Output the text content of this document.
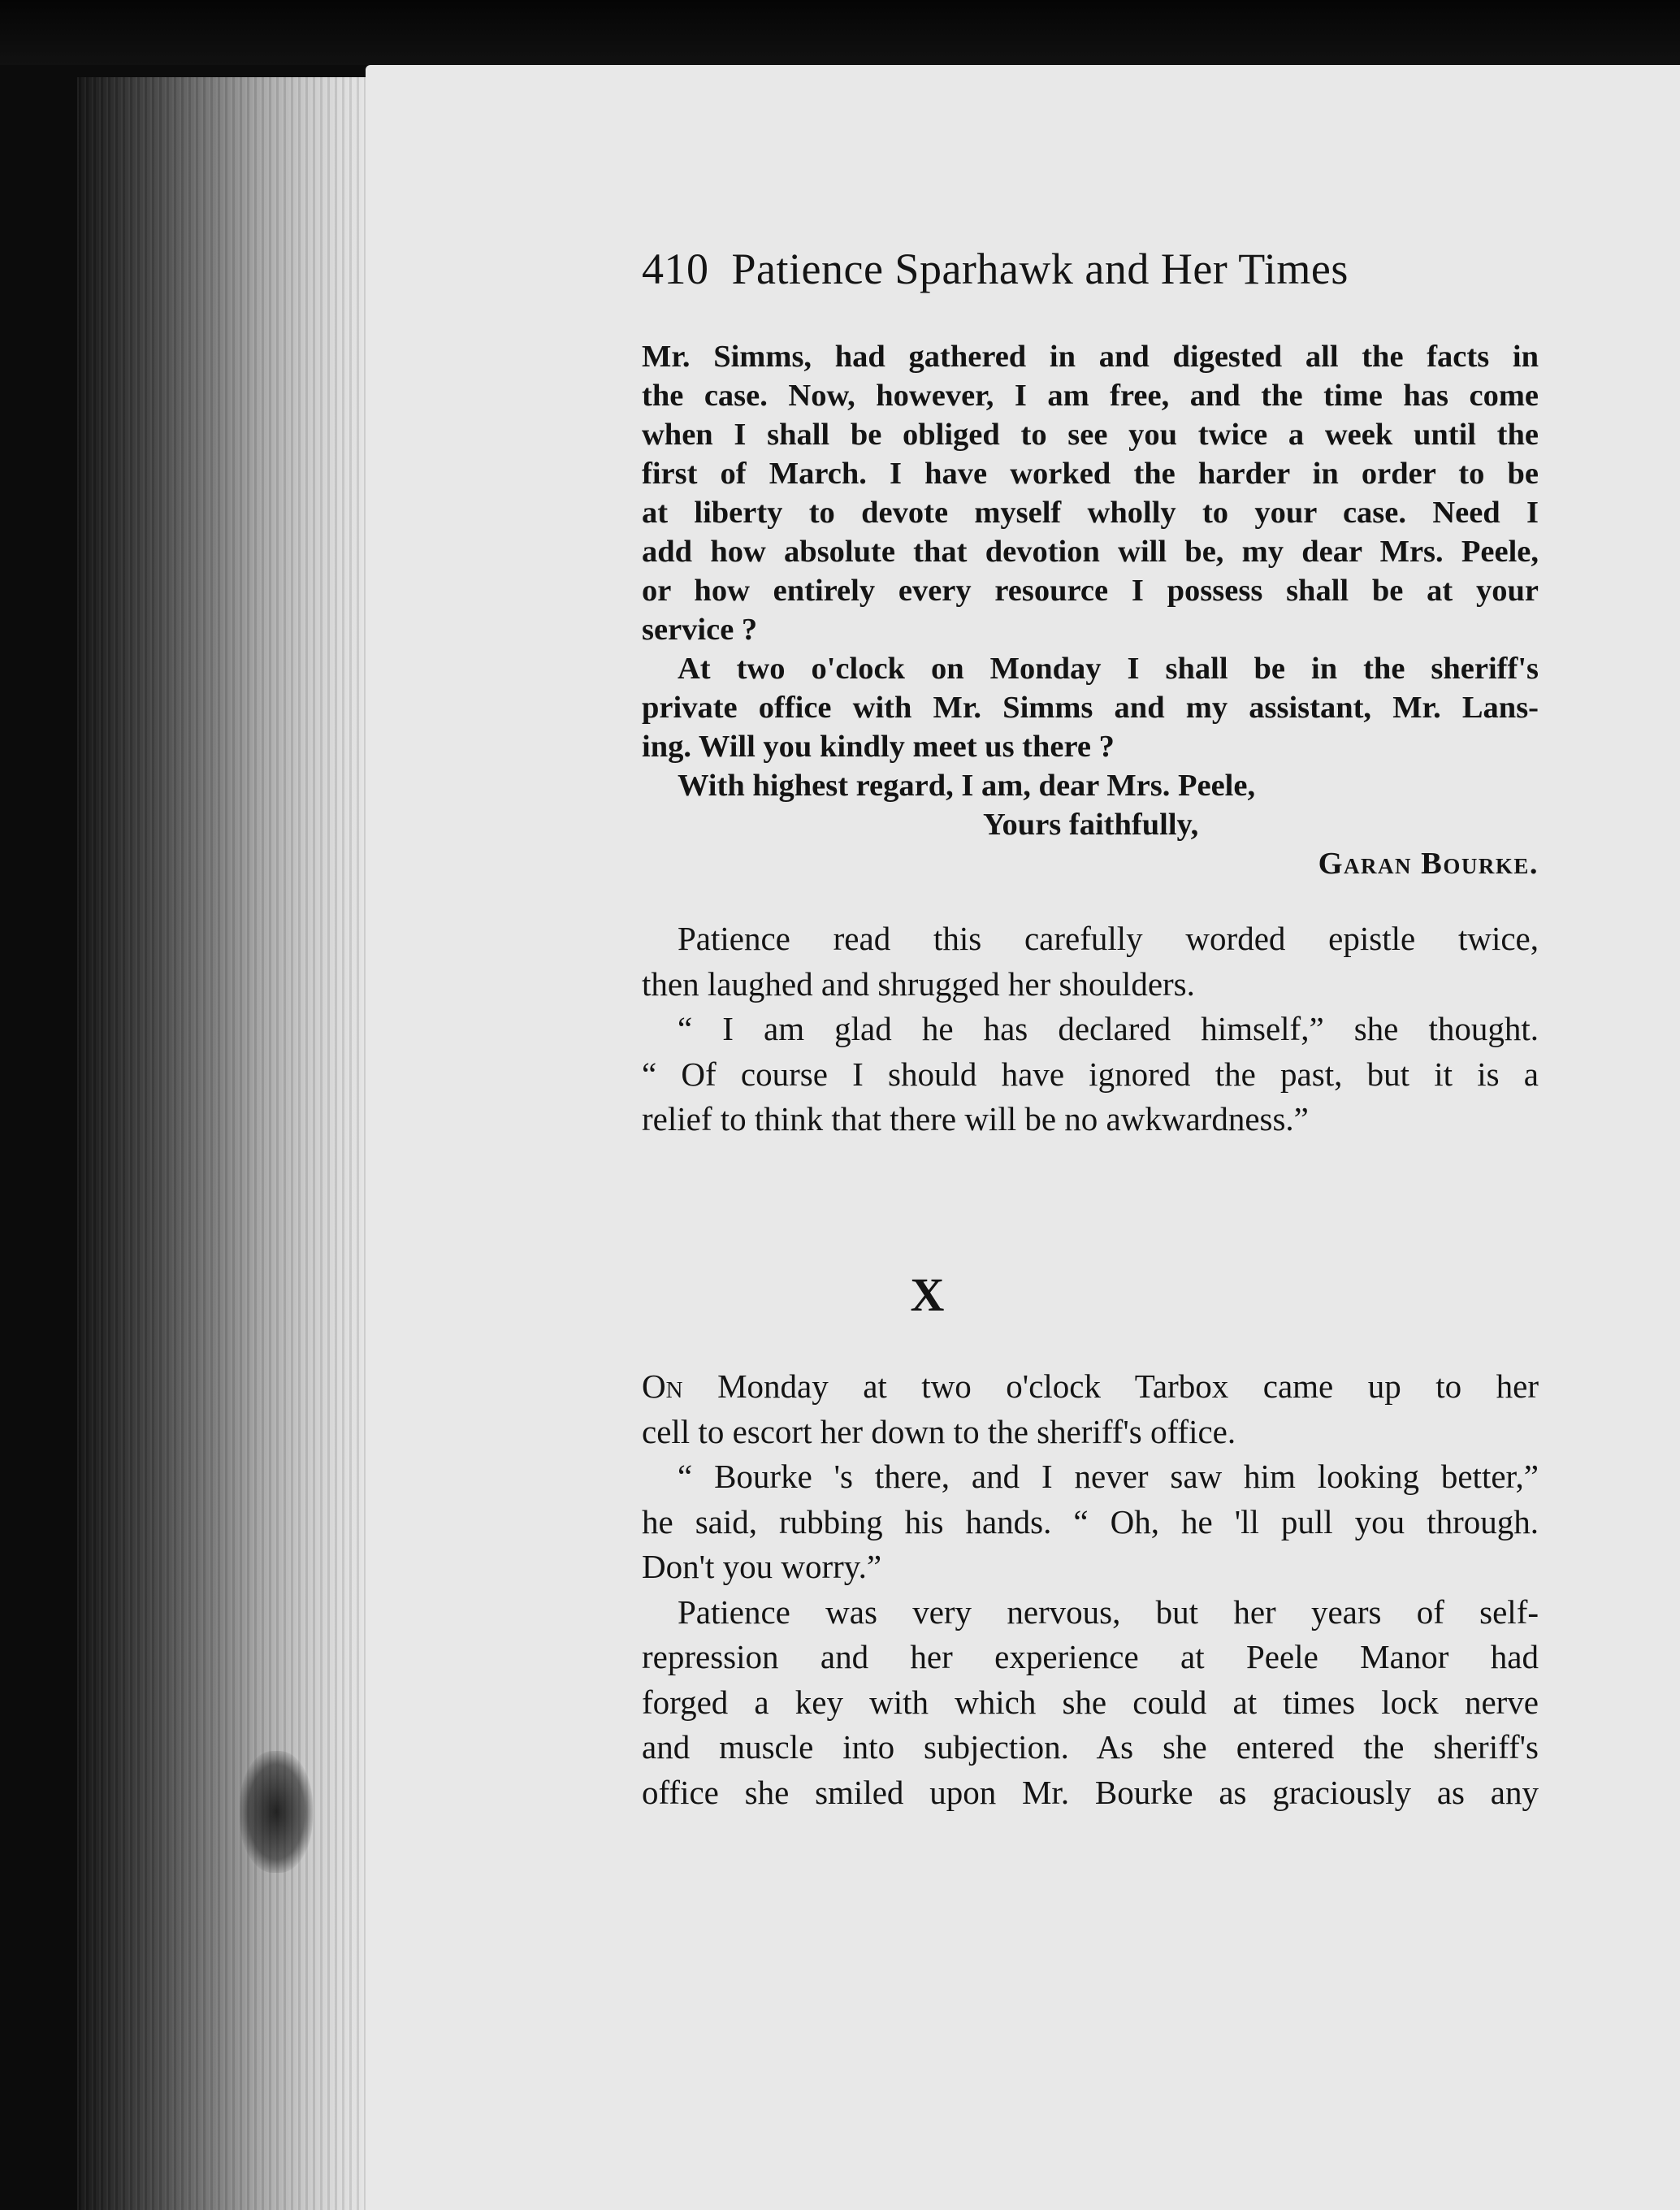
410 Patience Sparhawk and Her Times
Mr. Simms, had gathered in and digested all the facts in
the case. Now, however, I am free, and the time has come
when I shall be obliged to see you twice a week until the
first of March. I have worked the harder in order to be
at liberty to devote myself wholly to your case. Need I
add how absolute that devotion will be, my dear Mrs. Peele,
or how entirely every resource I possess shall be at your
service ?
At two o'clock on Monday I shall be in the sheriff's
private office with Mr. Simms and my assistant, Mr. Lans-
ing. Will you kindly meet us there ?
With highest regard, I am, dear Mrs. Peele,
Yours faithfully,
Garan Bourke.
Patience read this carefully worded epistle twice,
then laughed and shrugged her shoulders.
“ I am glad he has declared himself,” she thought.
“ Of course I should have ignored the past, but it is a
relief to think that there will be no awkwardness.”
X
On Monday at two o'clock Tarbox came up to her
cell to escort her down to the sheriff's office.
“ Bourke 's there, and I never saw him looking better,”
he said, rubbing his hands. “ Oh, he 'll pull you through.
Don't you worry.”
Patience was very nervous, but her years of self-
repression and her experience at Peele Manor had
forged a key with which she could at times lock nerve
and muscle into subjection. As she entered the sheriff's
office she smiled upon Mr. Bourke as graciously as any
